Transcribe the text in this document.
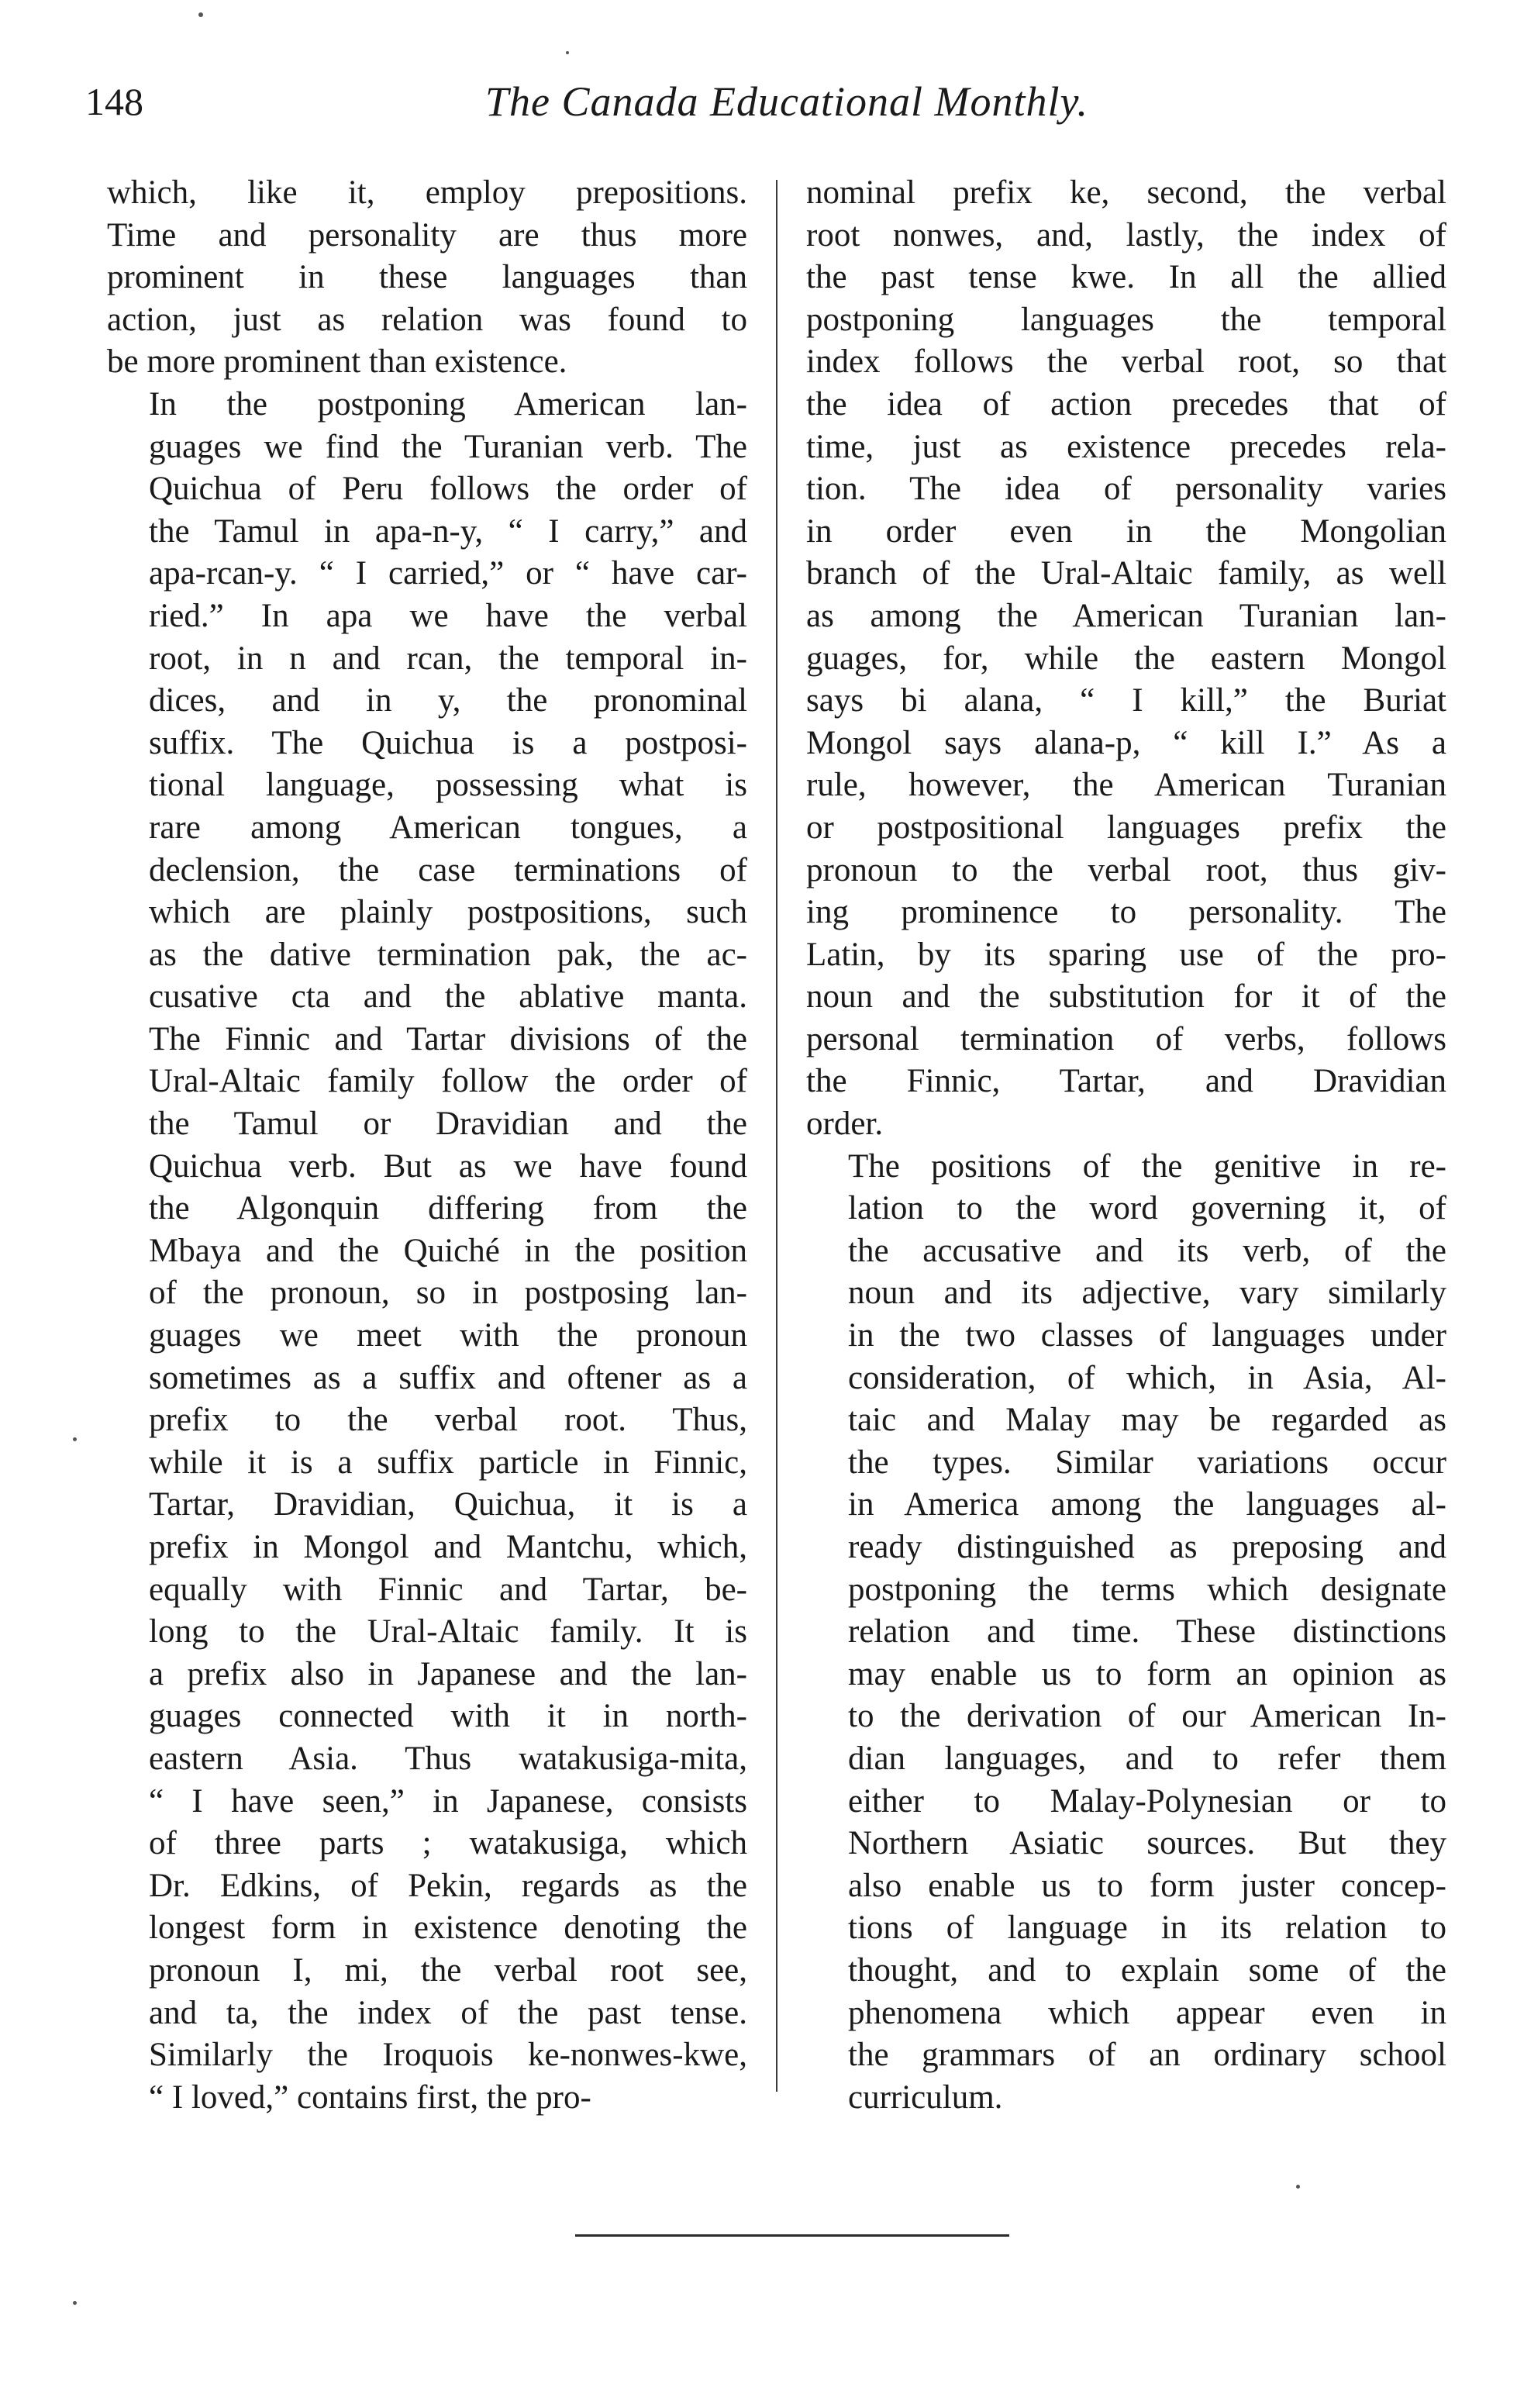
148	The Canada Educational Monthly.
which, like it, employ prepositions.
Time and personality are thus more
prominent in these languages than
action, just as relation was found to
be more prominent than existence.
In the postponing American lan-
guages we find the Turanian verb. The
Quichua of Peru follows the order of
the Tamul in apa-n-y, “ I carry,” and
apa-rcan-y. “ I carried,” or “ have car-
ried.” In apa we have the verbal
root, in n and rcan, the temporal in-
dices, and in y, the pronominal
suffix. The Quichua is a postposi-
tional language, possessing what is
rare among American tongues, a
declension, the case terminations of
which are plainly postpositions, such
as the dative termination pak, the ac-
cusative cta and the ablative manta.
The Finnic and Tartar divisions of the
Ural-Altaic family follow the order of
the Tamul or Dravidian and the
Quichua verb. But as we have found
the Algonquin differing from the
Mbaya and the Quiché in the position
of the pronoun, so in postposing lan-
guages we meet with the pronoun
sometimes as a suffix and oftener as a
prefix to the verbal root. Thus,
while it is a suffix particle in Finnic,
Tartar, Dravidian, Quichua, it is a
prefix in Mongol and Mantchu, which,
equally with Finnic and Tartar, be-
long to the Ural-Altaic family. It is
a prefix also in Japanese and the lan-
guages connected with it in north-
eastern Asia. Thus watakusiga-mita,
“ I have seen,” in Japanese, consists
of three parts ; watakusiga, which
Dr. Edkins, of Pekin, regards as the
longest form in existence denoting the
pronoun I, mi, the verbal root see,
and ta, the index of the past tense.
Similarly the Iroquois ke-nonwes-kwe,
“ I loved,” contains first, the pro-
nominal prefix ke, second, the verbal
root nonwes, and, lastly, the index of
the past tense kwe. In all the allied
postponing languages the temporal
index follows the verbal root, so that
the idea of action precedes that of
time, just as existence precedes rela-
tion. The idea of personality varies
in order even in the Mongolian
branch of the Ural-Altaic family, as well
as among the American Turanian lan-
guages, for, while the eastern Mongol
says bi alana, “ I kill,” the Buriat
Mongol says alana-p, “ kill I.” As a
rule, however, the American Turanian
or postpositional languages prefix the
pronoun to the verbal root, thus giv-
ing prominence to personality. The
Latin, by its sparing use of the pro-
noun and the substitution for it of the
personal termination of verbs, follows
the Finnic, Tartar, and Dravidian
order.
The positions of the genitive in re-
lation to the word governing it, of
the accusative and its verb, of the
noun and its adjective, vary similarly
in the two classes of languages under
consideration, of which, in Asia, Al-
taic and Malay may be regarded as
the types. Similar variations occur
in America among the languages al-
ready distinguished as preposing and
postponing the terms which designate
relation and time. These distinctions
may enable us to form an opinion as
to the derivation of our American In-
dian languages, and to refer them
either to Malay-Polynesian or to
Northern Asiatic sources. But they
also enable us to form juster concep-
tions of language in its relation to
thought, and to explain some of the
phenomena which appear even in
the grammars of an ordinary school
curriculum.
